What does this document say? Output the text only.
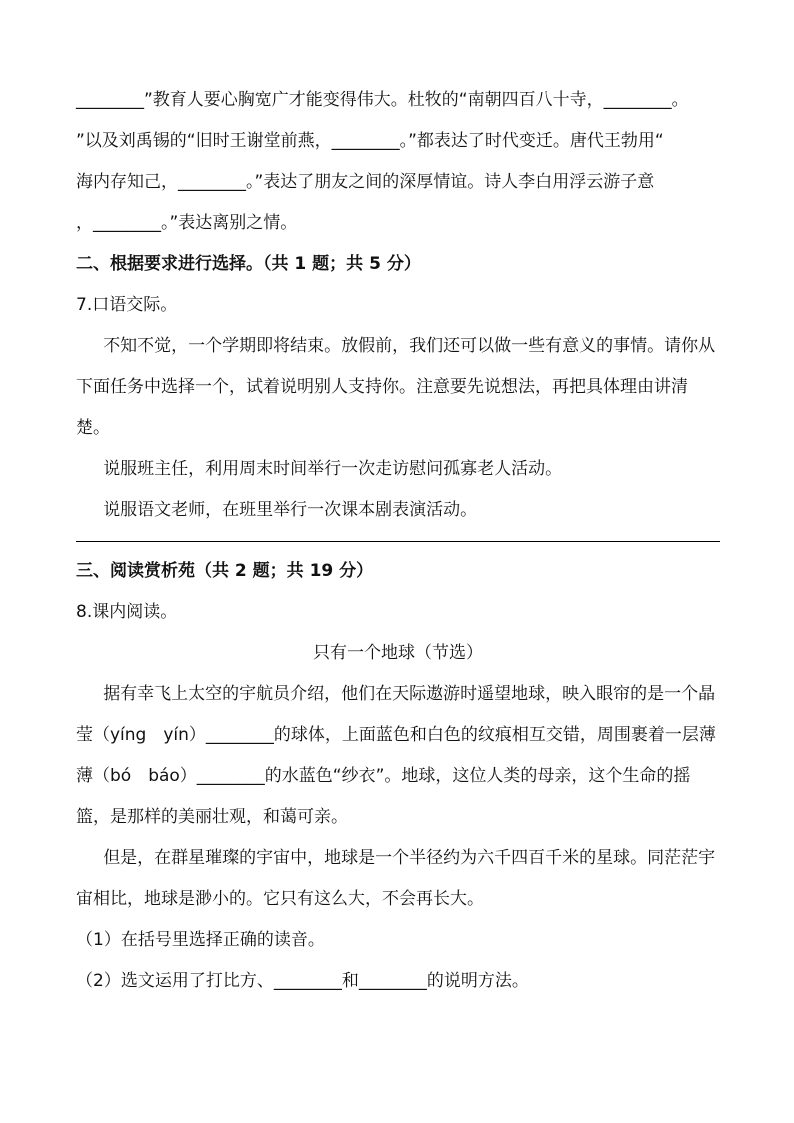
________”教育人要心胸宽广才能变得伟大。杜牧的“南朝四百八十寺，________。

”以及刘禹锡的“旧时王谢堂前燕，________。”都表达了时代变迁。唐代王勃用“

海内存知己，________。”表达了朋友之间的深厚情谊。诗人李白用浮云游子意

，________。”表达离别之情。

二、根据要求进行选择。（共 1 题；共 5 分）

7.口语交际。

不知不觉，一个学期即将结束。放假前，我们还可以做一些有意义的事情。请你从下面任务中选择一个，试着说明别人支持你。注意要先说想法，再把具体理由讲清楚。

说服班主任，利用周末时间举行一次走访慰问孤寡老人活动。

说服语文老师，在班里举行一次课本剧表演活动。

三、阅读赏析苑（共 2 题；共 19 分）

8.课内阅读。

只有一个地球（节选）

据有幸飞上太空的宇航员介绍，他们在天际遨游时遥望地球，映入眼帘的是一个晶莹（yíng　yín）________的球体，上面蓝色和白色的纹痕相互交错，周围裹着一层薄薄（bó　báo）________的水蓝色“纱衣”。地球，这位人类的母亲，这个生命的摇篮，是那样的美丽壮观，和蔼可亲。

但是，在群星璀璨的宇宙中，地球是一个半径约为六千四百千米的星球。同茫茫宇宙相比，地球是渺小的。它只有这么大，不会再长大。

（1）在括号里选择正确的读音。

（2）选文运用了打比方、________和________的说明方法。
